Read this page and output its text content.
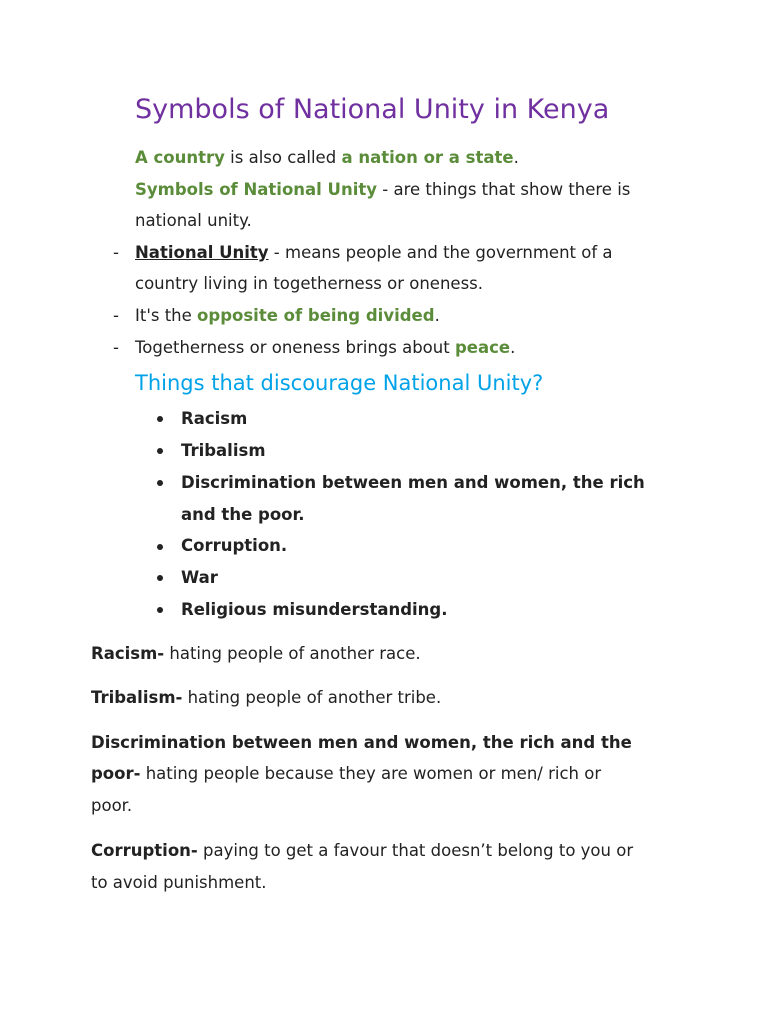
Symbols of National Unity in Kenya
A country is also called a nation or a state.
Symbols of National Unity - are things that show there is
national unity.
- National Unity - means people and the government of a
country living in togetherness or oneness.
- It's the opposite of being divided.
- Togetherness or oneness brings about peace.
Things that discourage National Unity?
Racism
Tribalism
Discrimination between men and women, the rich
and the poor.
Corruption.
War
Religious misunderstanding.
Racism- hating people of another race.
Tribalism- hating people of another tribe.
Discrimination between men and women, the rich and the
poor- hating people because they are women or men/ rich or
poor.
Corruption- paying to get a favour that doesn’t belong to you or
to avoid punishment.
